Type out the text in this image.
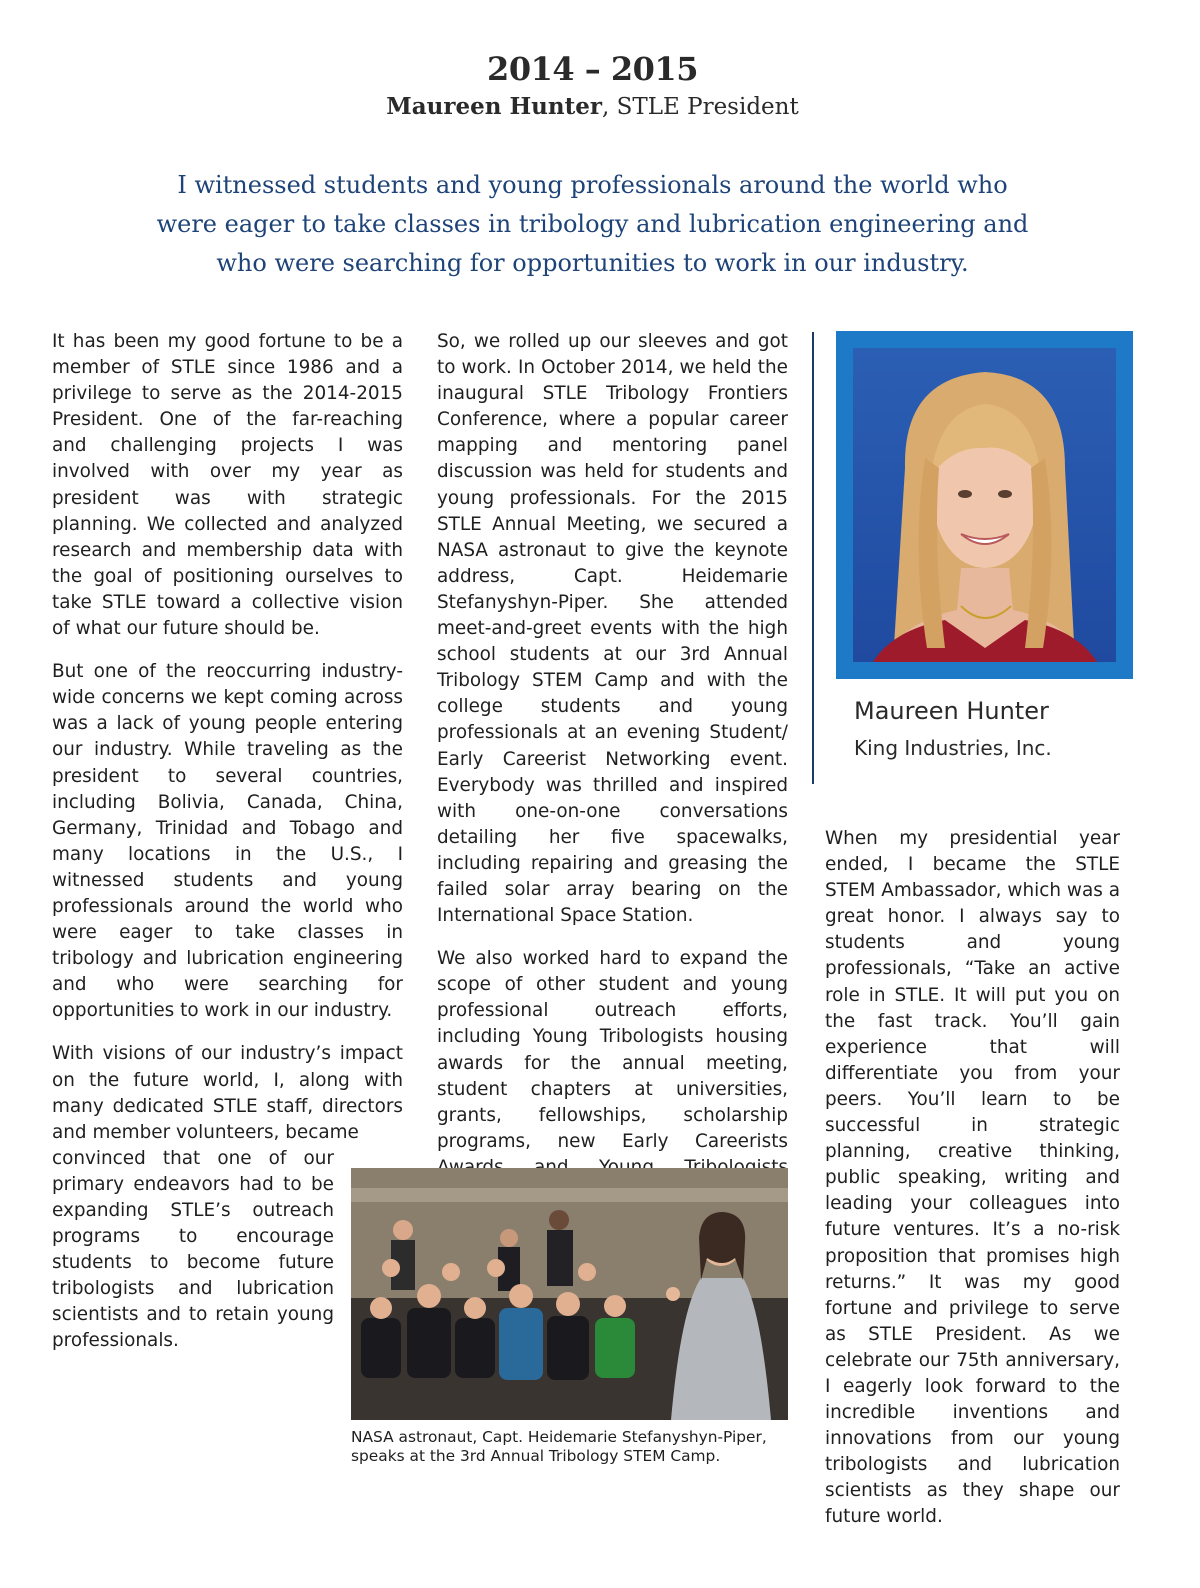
2014 – 2015
Maureen Hunter, STLE President
I witnessed students and young professionals around the world who
were eager to take classes in tribology and lubrication engineering and
who were searching for opportunities to work in our industry.

It has been my good fortune to be a member of STLE since 1986 and a privilege to serve as the 2014-2015 President. One of the far-reaching and challenging projects I was involved with over my year as president was with strategic planning. We collected and analyzed research and membership data with the goal of positioning ourselves to take STLE toward a collective vision of what our future should be.

But one of the reoccurring industry-wide concerns we kept coming across was a lack of young people entering our industry. While traveling as the president to several countries, including Bolivia, Canada, China, Germany, Trinidad and Tobago and many locations in the U.S., I witnessed students and young professionals around the world who were eager to take classes in tribology and lubrication engineering and who were searching for opportunities to work in our industry.

With visions of our industry’s impact on the future world, I, along with many dedicated STLE staff, directors and member volunteers, became

convinced that one of our primary endeavors had to be expanding STLE’s outreach programs to encourage students to become future tribologists and lubrication scientists and to retain young professionals.

So, we rolled up our sleeves and got to work. In October 2014, we held the inaugural STLE Tribology Frontiers Conference, where a popular career mapping and mentoring panel discussion was held for students and young professionals. For the 2015 STLE Annual Meeting, we secured a NASA astronaut to give the keynote address, Capt. Heidemarie Stefanyshyn-Piper. She attended meet-and-greet events with the high school students at our 3rd Annual Tribology STEM Camp and with the college students and young professionals at an evening Student/ Early Careerist Networking event. Everybody was thrilled and inspired with one-on-one conversations detailing her five spacewalks, including repairing and greasing the failed solar array bearing on the International Space Station.

We also worked hard to expand the scope of other student and young professional outreach efforts, including Young Tribologists housing awards for the annual meeting, student chapters at universities, grants, fellowships, scholarship programs, new Early Careerists

Maureen Hunter
King Industries, Inc.

When my presidential year ended, I became the STLE STEM Ambassador, which was a great honor. I always say to students and young professionals, “Take an active role in STLE. It will put you on the fast track. You’ll gain experience that will differentiate you from your peers. You’ll learn to be successful in strategic planning, creative thinking, public speaking, writing and leading your colleagues into future ventures. It’s a no-risk proposition that promises high returns.” It was my good fortune and privilege to serve as STLE President. As we celebrate our 75th anniversary, I eagerly look forward to the incredible inventions and innovations from our young tribologists and lubrication scientists as they shape our future world.

NASA astronaut, Capt. Heidemarie Stefanyshyn-Piper, speaks at the 3rd Annual Tribology STEM Camp.
